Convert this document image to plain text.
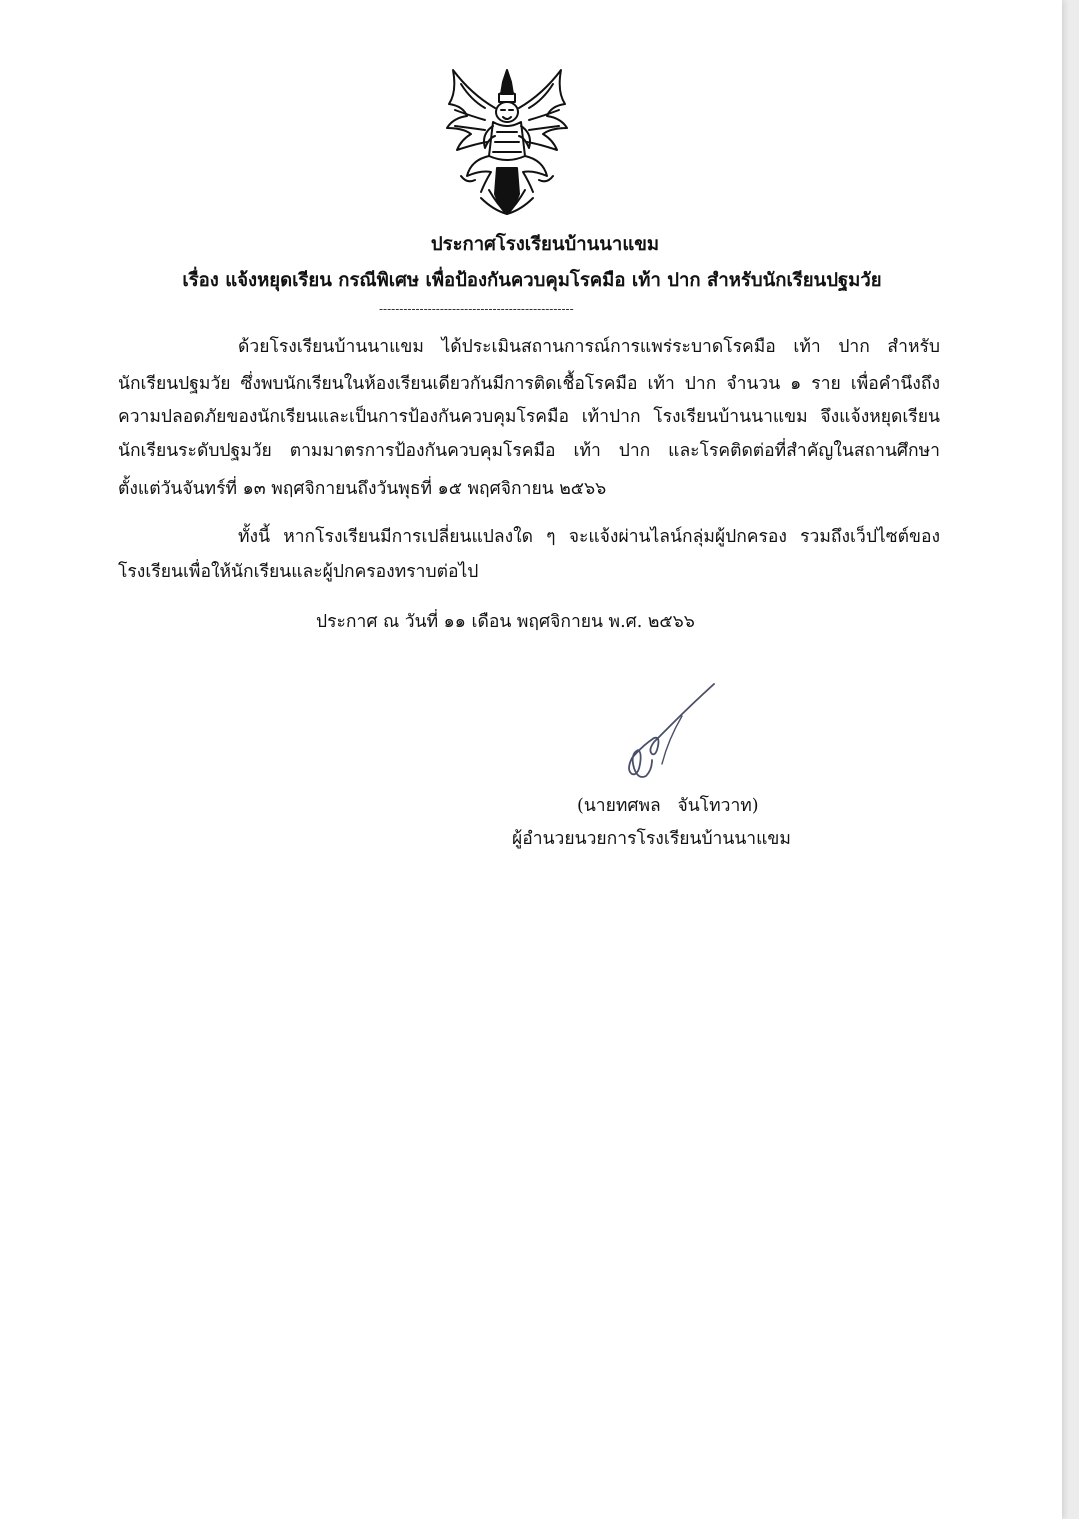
ประกาศโรงเรียนบ้านนาแขม
เรื่อง แจ้งหยุดเรียน กรณีพิเศษ เพื่อป้องกันควบคุมโรคมือ เท้า ปาก สำหรับนักเรียนปฐมวัย
------------------------------------------------
ด้วยโรงเรียนบ้านนาแขม ได้ประเมินสถานการณ์การแพร่ระบาดโรคมือ เท้า ปาก สำหรับ
นักเรียนปฐมวัย ซึ่งพบนักเรียนในห้องเรียนเดียวกันมีการติดเชื้อโรคมือ เท้า ปาก จำนวน ๑ ราย เพื่อคำนึงถึง
ความปลอดภัยของนักเรียนและเป็นการป้องกันควบคุมโรคมือ เท้าปาก โรงเรียนบ้านนาแขม จึงแจ้งหยุดเรียน
นักเรียนระดับปฐมวัย ตามมาตรการป้องกันควบคุมโรคมือ เท้า ปาก และโรคติดต่อที่สำคัญในสถานศึกษา
ตั้งแต่วันจันทร์ที่ ๑๓ พฤศจิกายนถึงวันพุธที่ ๑๕ พฤศจิกายน ๒๕๖๖
ทั้งนี้ หากโรงเรียนมีการเปลี่ยนแปลงใด ๆ จะแจ้งผ่านไลน์กลุ่มผู้ปกครอง รวมถึงเว็ปไซต์ของ
โรงเรียนเพื่อให้นักเรียนและผู้ปกครองทราบต่อไป
ประกาศ ณ วันที่ ๑๑ เดือน พฤศจิกายน พ.ศ. ๒๕๖๖
(นายทศพล   จันโทวาท)
ผู้อำนวยนวยการโรงเรียนบ้านนาแขม
